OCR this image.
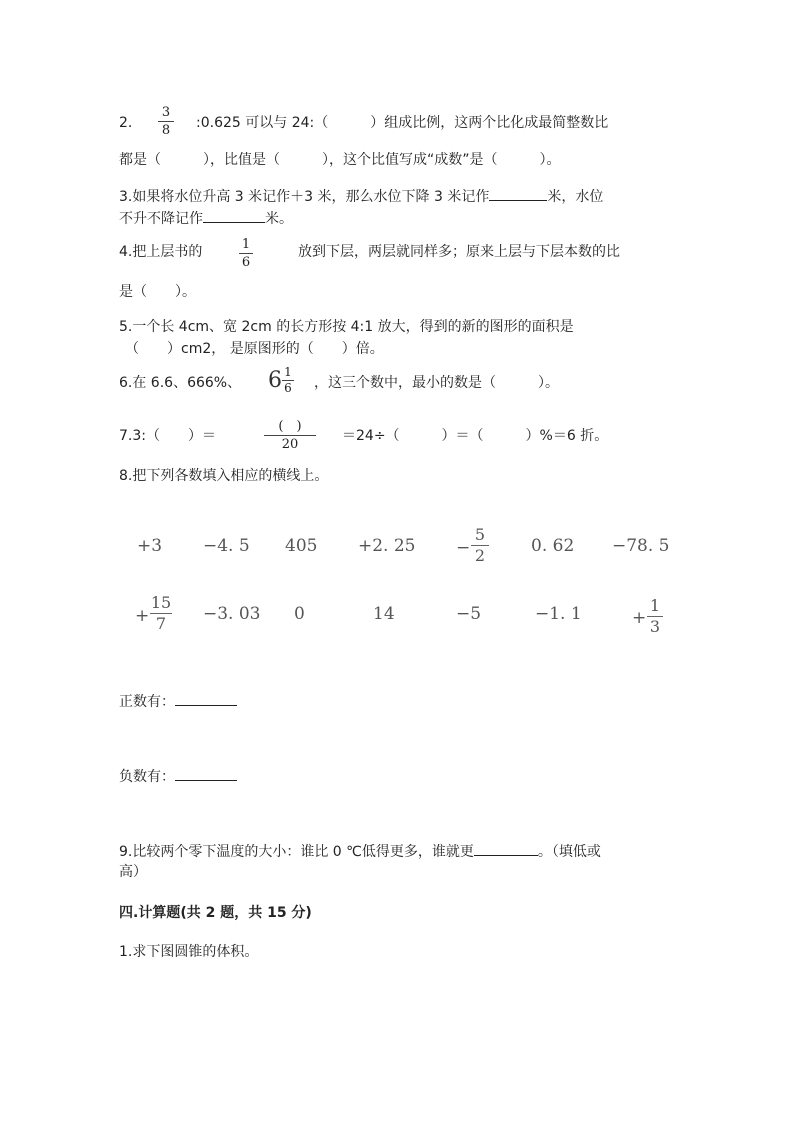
2.
3
8 :0.625 可以与 24:（　　　）组成比例，这两个比化成最简整数比
都是（　　　），比值是（　　　），这个比值写成“成数”是（　　　）。
3.如果将水位升高 3 米记作＋3 米，那么水位下降 3 米记作	米，水位
不升不降记作	米。
4.把上层书的	1
6
放到下层，两层就同样多；原来上层与下层本数的比
是（　　）。
5.一个长 4cm、宽 2cm 的长方形按 4:1 放大，得到的新的图形的面积是
（　　）cm2， 是原图形的（　　）倍。
6.在 6.6、666%、 6 1
6 ，这三个数中，最小的数是（　　　）。
7.3:（　　）＝
(　)
20
＝24÷（　　　）＝（　　　）%＝6 折。
8.把下列各数填入相应的横线上。
+3 −4. 5 405 +2. 25 −
5
2	0. 62 −78. 5
+
15
7	−3. 03 0	14	−5	−1. 1	+
1
3
正数有：
负数有：
9.比较两个零下温度的大小：谁比 0 ℃低得更多，谁就更	。（填低或
高）
四.计算题(共 2 题，共 15 分)
1.求下图圆锥的体积。
